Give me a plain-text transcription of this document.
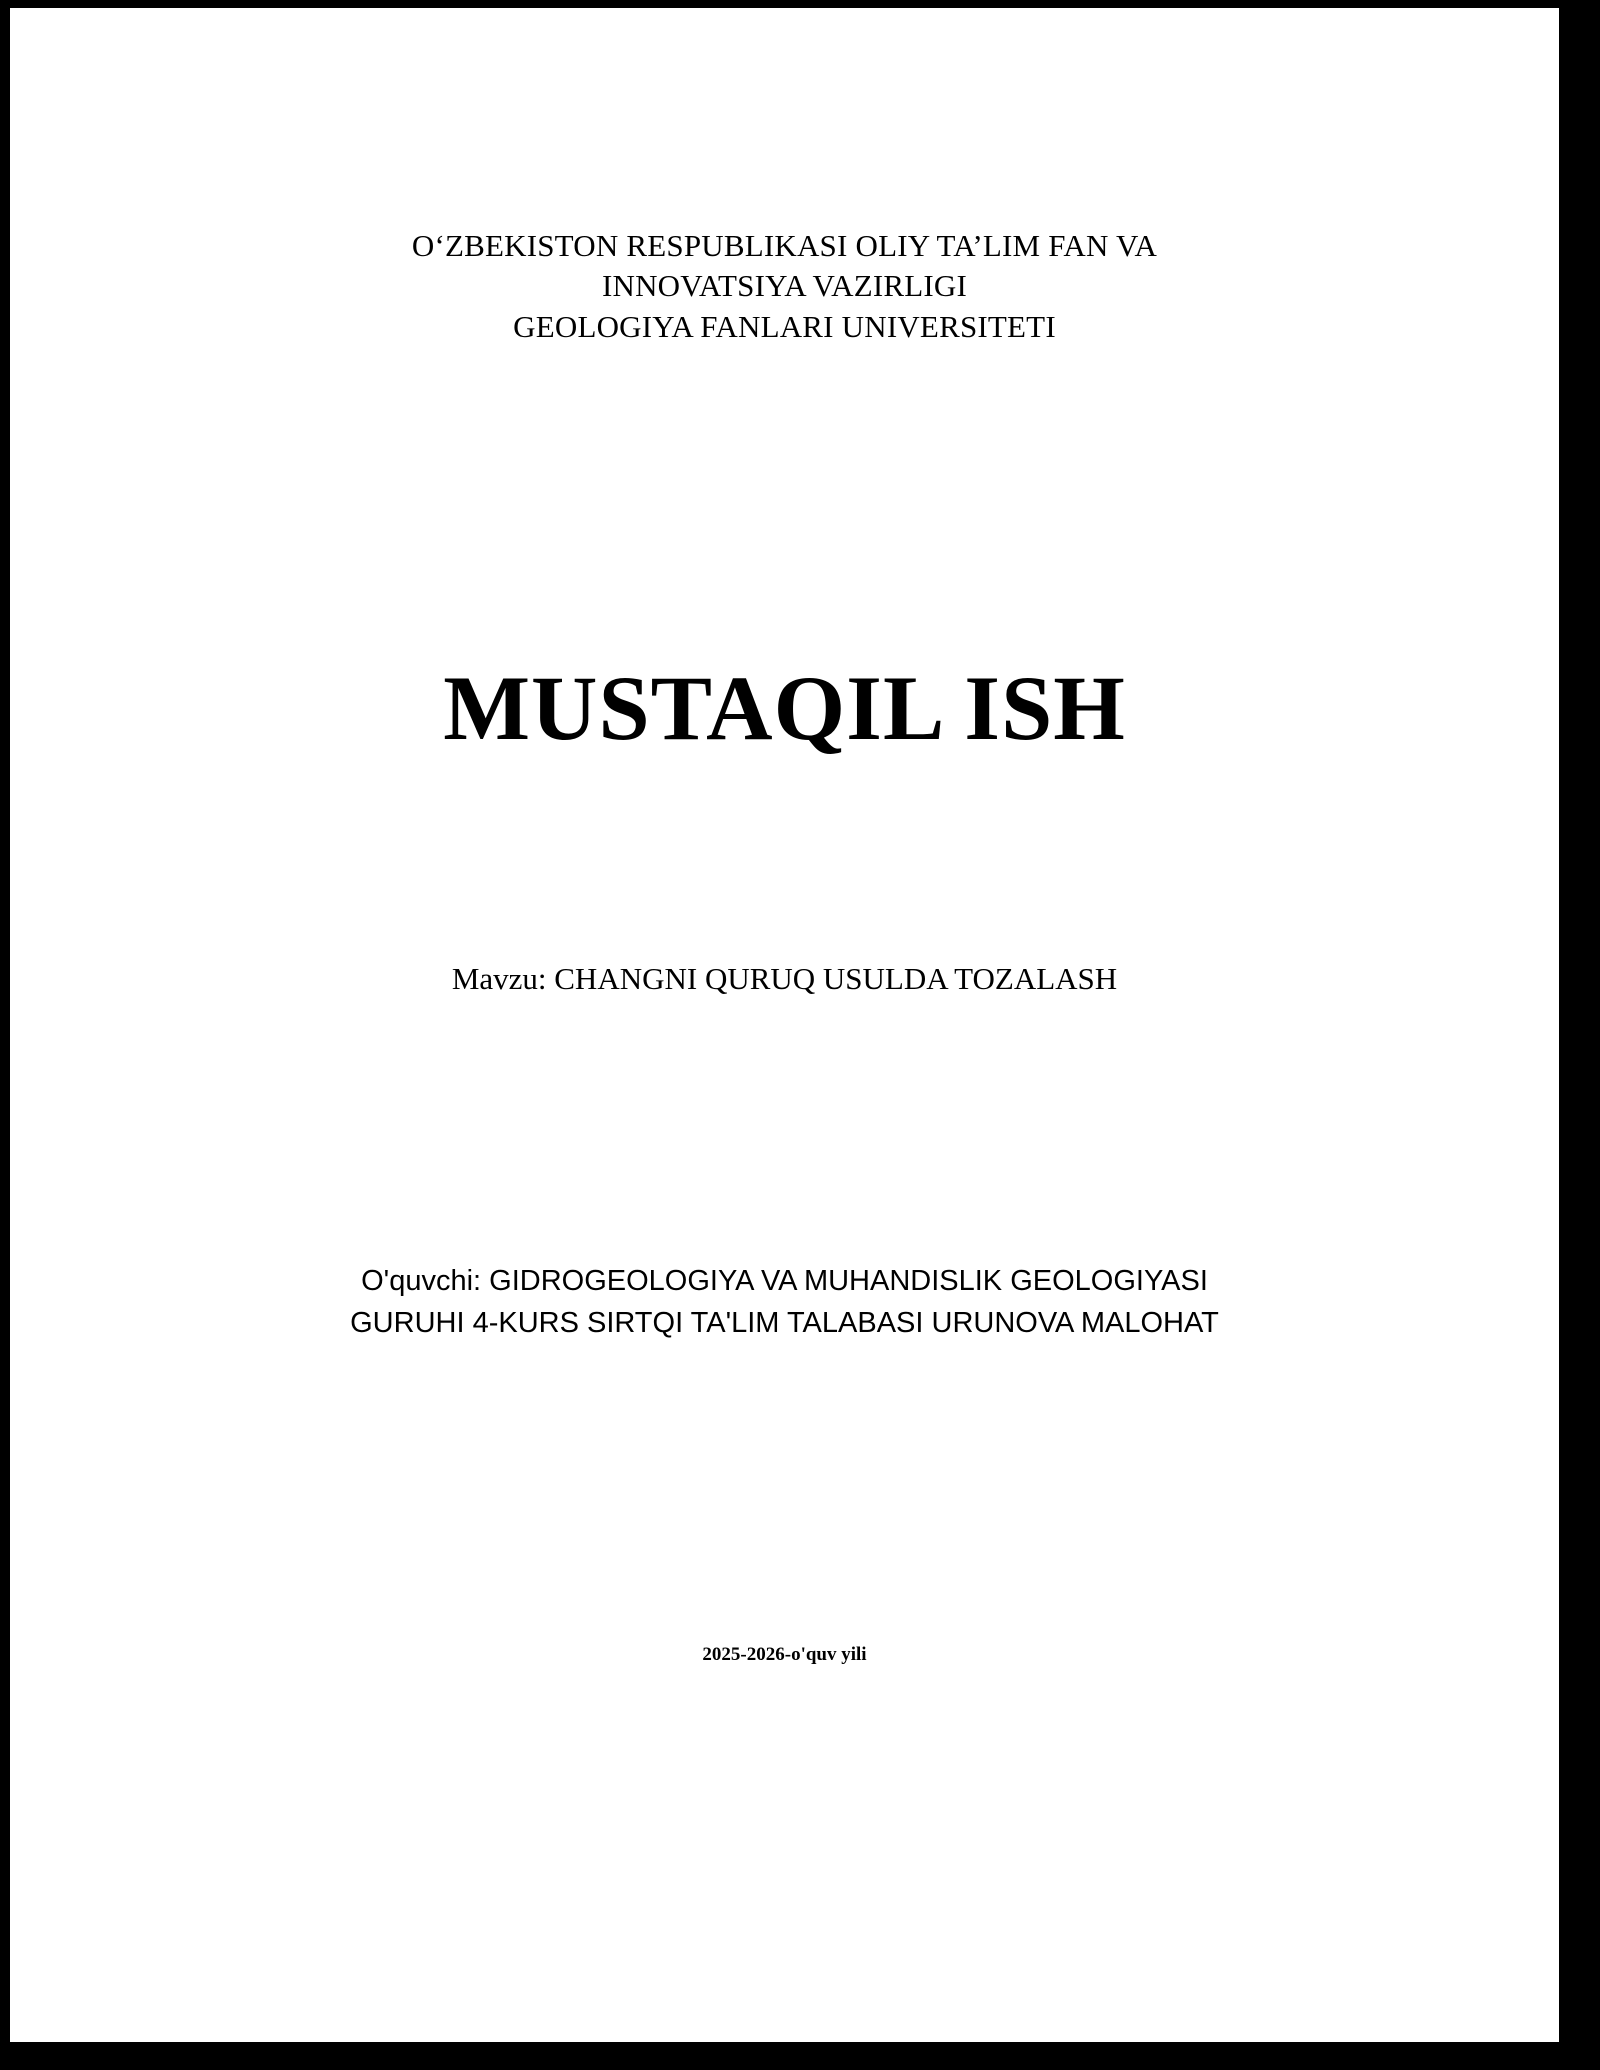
O‘ZBEKISTON RESPUBLIKASI OLIY TA’LIM FAN VA
INNOVATSIYA VAZIRLIGI
GEOLOGIYA FANLARI UNIVERSITETI
MUSTAQIL ISH
Mavzu: CHANGNI QURUQ USULDA TOZALASH
O'quvchi: GIDROGEOLOGIYA VA MUHANDISLIK GEOLOGIYASI
GURUHI 4-KURS SIRTQI TA'LIM TALABASI URUNOVA MALOHAT
2025-2026-o'quv yili
